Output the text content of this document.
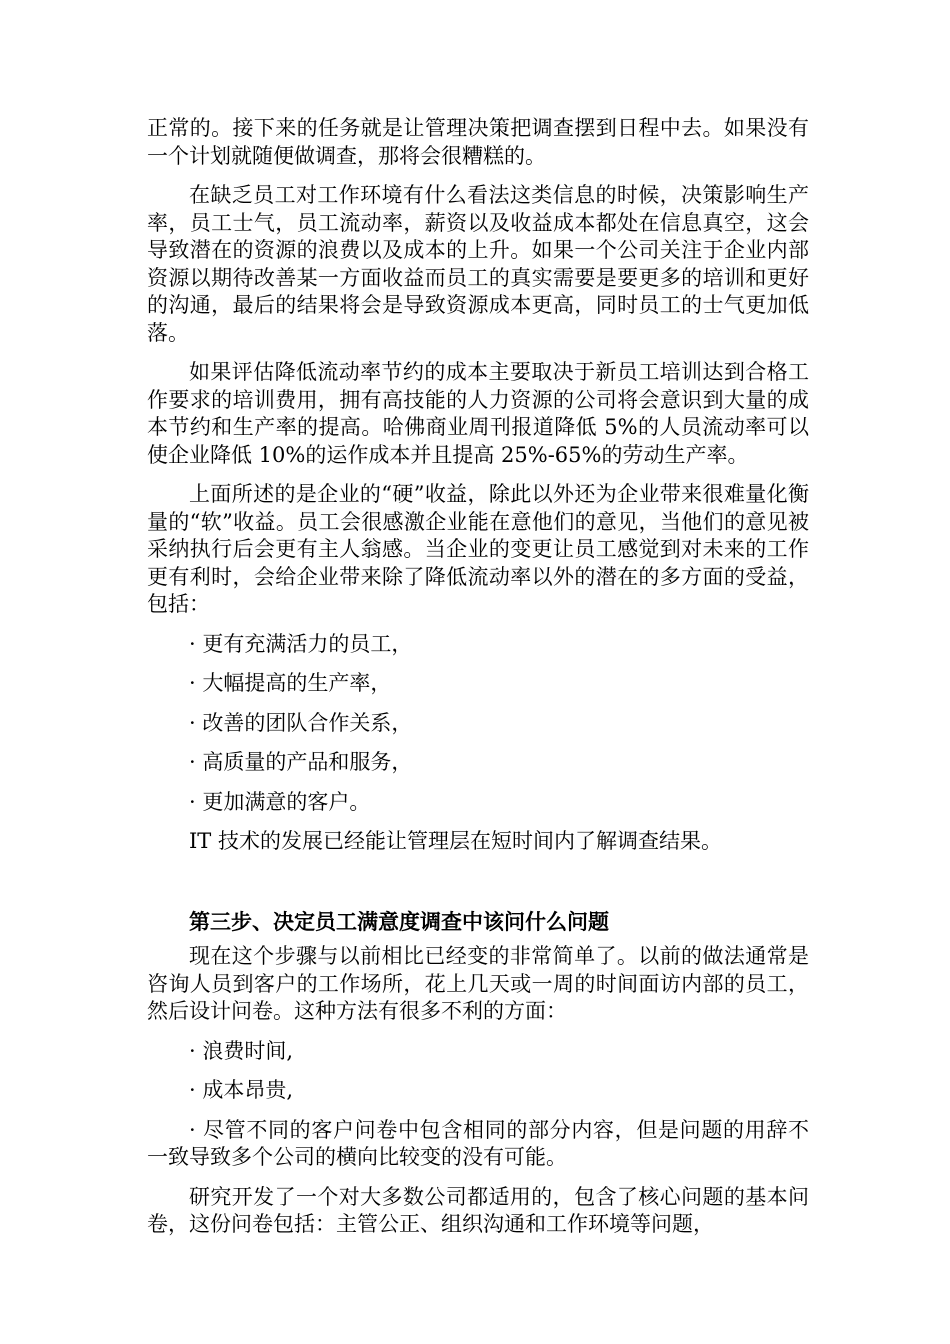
正常的。接下来的任务就是让管理决策把调查摆到日程中去。如果没有一个计划就随便做调查，那将会很糟糕的。

在缺乏员工对工作环境有什么看法这类信息的时候，决策影响生产率，员工士气，员工流动率，薪资以及收益成本都处在信息真空，这会导致潜在的资源的浪费以及成本的上升。如果一个公司关注于企业内部资源以期待改善某一方面收益而员工的真实需要是要更多的培训和更好的沟通，最后的结果将会是导致资源成本更高，同时员工的士气更加低落。

如果评估降低流动率节约的成本主要取决于新员工培训达到合格工作要求的培训费用，拥有高技能的人力资源的公司将会意识到大量的成本节约和生产率的提高。哈佛商业周刊报道降低 5%的人员流动率可以使企业降低 10%的运作成本并且提高 25%-65%的劳动生产率。

上面所述的是企业的“硬”收益，除此以外还为企业带来很难量化衡量的“软”收益。员工会很感激企业能在意他们的意见，当他们的意见被采纳执行后会更有主人翁感。当企业的变更让员工感觉到对未来的工作更有利时，会给企业带来除了降低流动率以外的潜在的多方面的受益，包括：

· 更有充满活力的员工，

· 大幅提高的生产率，

· 改善的团队合作关系，

· 高质量的产品和服务，

· 更加满意的客户。

IT 技术的发展已经能让管理层在短时间内了解调查结果。

第三步、决定员工满意度调查中该问什么问题

现在这个步骤与以前相比已经变的非常简单了。以前的做法通常是咨询人员到客户的工作场所，花上几天或一周的时间面访内部的员工，然后设计问卷。这种方法有很多不利的方面：

· 浪费时间,

· 成本昂贵,

· 尽管不同的客户问卷中包含相同的部分内容，但是问题的用辞不一致导致多个公司的横向比较变的没有可能。

研究开发了一个对大多数公司都适用的，包含了核心问题的基本问卷，这份问卷包括：主管公正、组织沟通和工作环境等问题，
